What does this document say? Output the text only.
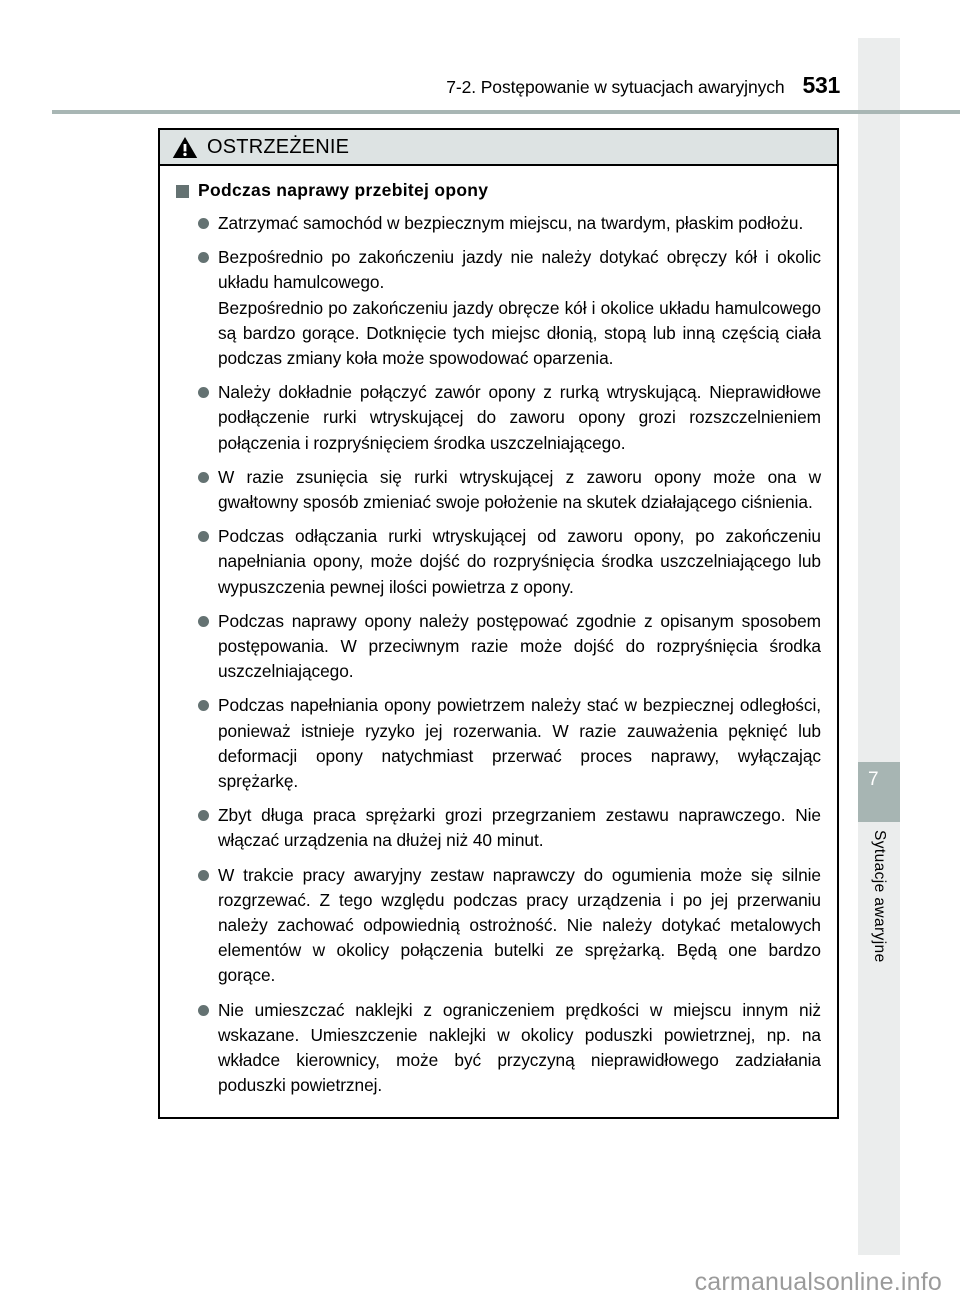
7-2. Postępowanie w sytuacjach awaryjnych 531
OSTRZEŻENIE
Podczas naprawy przebitej opony
Zatrzymać samochód w bezpiecznym miejscu, na twardym, płaskim podłożu.
Bezpośrednio po zakończeniu jazdy nie należy dotykać obręczy kół i okolic układu hamulcowego.
Bezpośrednio po zakończeniu jazdy obręcze kół i okolice układu hamulcowego są bardzo gorące. Dotknięcie tych miejsc dłonią, stopą lub inną częścią ciała podczas zmiany koła może spowodować oparzenia.
Należy dokładnie połączyć zawór opony z rurką wtryskującą. Nieprawidłowe podłączenie rurki wtryskującej do zaworu opony grozi rozszczelnieniem połączenia i rozpryśnięciem środka uszczelniającego.
W razie zsunięcia się rurki wtryskującej z zaworu opony może ona w gwałtowny sposób zmieniać swoje położenie na skutek działającego ciśnienia.
Podczas odłączania rurki wtryskującej od zaworu opony, po zakończeniu napełniania opony, może dojść do rozpryśnięcia środka uszczelniającego lub wypuszczenia pewnej ilości powietrza z opony.
Podczas naprawy opony należy postępować zgodnie z opisanym sposobem postępowania. W przeciwnym razie może dojść do rozpryśnięcia środka uszczelniającego.
Podczas napełniania opony powietrzem należy stać w bezpiecznej odległości, ponieważ istnieje ryzyko jej rozerwania. W razie zauważenia pęknięć lub deformacji opony natychmiast przerwać proces naprawy, wyłączając sprężarkę.
Zbyt długa praca sprężarki grozi przegrzaniem zestawu naprawczego. Nie włączać urządzenia na dłużej niż 40 minut.
W trakcie pracy awaryjny zestaw naprawczy do ogumienia może się silnie rozgrzewać. Z tego względu podczas pracy urządzenia i po jej przerwaniu należy zachować odpowiednią ostrożność. Nie należy dotykać metalowych elementów w okolicy połączenia butelki ze sprężarką. Będą one bardzo gorące.
Nie umieszczać naklejki z ograniczeniem prędkości w miejscu innym niż wskazane. Umieszczenie naklejki w okolicy poduszki powietrznej, np. na wkładce kierownicy, może być przyczyną nieprawidłowego zadziałania poduszki powietrznej.
7
Sytuacje awaryjne
carmanualsonline.info
